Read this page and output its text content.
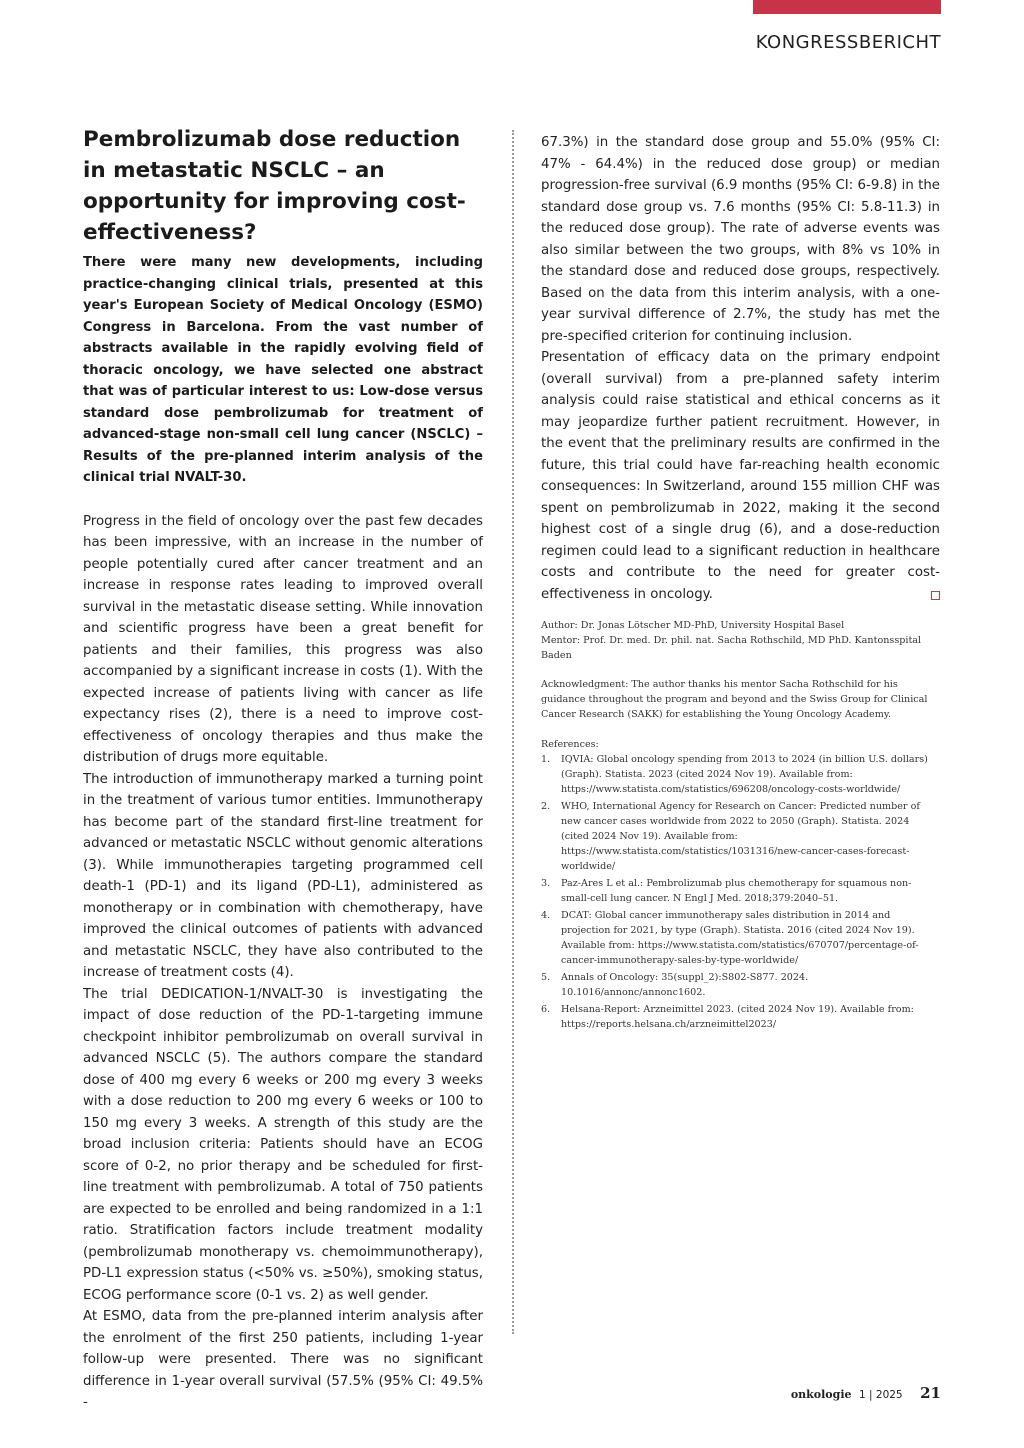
KONGRESSBERICHT
Pembrolizumab dose reduction in metastatic NSCLC – an opportunity for improving cost-effectiveness?

There were many new developments, including practice-changing clinical trials, presented at this year's European Society of Medical Oncology (ESMO) Congress in Barcelona. From the vast number of abstracts available in the rapidly evolving field of thoracic oncology, we have selected one abstract that was of particular interest to us: Low-dose versus standard dose pembrolizumab for treatment of advanced-stage non-small cell lung cancer (NSCLC) – Results of the pre-planned interim analysis of the clinical trial NVALT-30.

Progress in the field of oncology over the past few decades has been impressive, with an increase in the number of people potentially cured after cancer treatment and an increase in response rates leading to improved overall survival in the metastatic disease setting. While innovation and scientific progress have been a great benefit for patients and their families, this progress was also accompanied by a significant increase in costs (1). With the expected increase of patients living with cancer as life expectancy rises (2), there is a need to improve cost-effectiveness of oncology therapies and thus make the distribution of drugs more equitable.

The introduction of immunotherapy marked a turning point in the treatment of various tumor entities. Immunotherapy has become part of the standard first-line treatment for advanced or metastatic NSCLC without genomic alterations (3). While immunotherapies targeting programmed cell death-1 (PD-1) and its ligand (PD-L1), administered as monotherapy or in combination with chemotherapy, have improved the clinical outcomes of patients with advanced and metastatic NSCLC, they have also contributed to the increase of treatment costs (4).

The trial DEDICATION-1/NVALT-30 is investigating the impact of dose reduction of the PD-1-targeting immune checkpoint inhibitor pembrolizumab on overall survival in advanced NSCLC (5). The authors compare the standard dose of 400 mg every 6 weeks or 200 mg every 3 weeks with a dose reduction to 200 mg every 6 weeks or 100 to 150 mg every 3 weeks. A strength of this study are the broad inclusion criteria: Patients should have an ECOG score of 0-2, no prior therapy and be scheduled for first-line treatment with pembrolizumab. A total of 750 patients are expected to be enrolled and being randomized in a 1:1 ratio. Stratification factors include treatment modality (pembrolizumab monotherapy vs. chemoimmunotherapy), PD-L1 expression status (<50% vs. ≥50%), smoking status, ECOG performance score (0-1 vs. 2) as well gender.

At ESMO, data from the pre-planned interim analysis after the enrolment of the first 250 patients, including 1-year follow-up were presented. There was no significant difference in 1-year overall survival (57.5% (95% CI: 49.5% -

67.3%) in the standard dose group and 55.0% (95% CI: 47% - 64.4%) in the reduced dose group) or median progression-free survival (6.9 months (95% CI: 6-9.8) in the standard dose group vs. 7.6 months (95% CI: 5.8-11.3) in the reduced dose group). The rate of adverse events was also similar between the two groups, with 8% vs 10% in the standard dose and reduced dose groups, respectively. Based on the data from this interim analysis, with a one-year survival difference of 2.7%, the study has met the pre-specified criterion for continuing inclusion.

Presentation of efficacy data on the primary endpoint (overall survival) from a pre-planned safety interim analysis could raise statistical and ethical concerns as it may jeopardize further patient recruitment. However, in the event that the preliminary results are confirmed in the future, this trial could have far-reaching health economic consequences: In Switzerland, around 155 million CHF was spent on pembrolizumab in 2022, making it the second highest cost of a single drug (6), and a dose-reduction regimen could lead to a significant reduction in healthcare costs and contribute to the need for greater cost-effectiveness in oncology.

Author: Dr. Jonas Lötscher MD-PhD, University Hospital Basel
Mentor: Prof. Dr. med. Dr. phil. nat. Sacha Rothschild, MD PhD. Kantonsspital Baden
Acknowledgment: The author thanks his mentor Sacha Rothschild for his guidance throughout the program and beyond and the Swiss Group for Clinical Cancer Research (SAKK) for establishing the Young Oncology Academy.
References:
1. IQVIA: Global oncology spending from 2013 to 2024 (in billion U.S. dollars) (Graph). Statista. 2023 (cited 2024 Nov 19). Available from: https://www.statista.com/statistics/696208/oncology-costs-worldwide/
2. WHO, International Agency for Research on Cancer: Predicted number of new cancer cases worldwide from 2022 to 2050 (Graph). Statista. 2024 (cited 2024 Nov 19). Available from: https://www.statista.com/statistics/1031316/new-cancer-cases-forecast-worldwide/
3. Paz-Ares L et al.: Pembrolizumab plus chemotherapy for squamous non-small-cell lung cancer. N Engl J Med. 2018;379:2040–51.
4. DCAT: Global cancer immunotherapy sales distribution in 2014 and projection for 2021, by type (Graph). Statista. 2016 (cited 2024 Nov 19). Available from: https://www.statista.com/statistics/670707/percentage-of-cancer-immunotherapy-sales-by-type-worldwide/
5. Annals of Oncology: 35(suppl_2):S802-S877. 2024. 10.1016/annonc/annonc1602.
6. Helsana-Report: Arzneimittel 2023. (cited 2024 Nov 19). Available from: https://reports.helsana.ch/arzneimittel2023/
onkologie 1 | 2025 21
